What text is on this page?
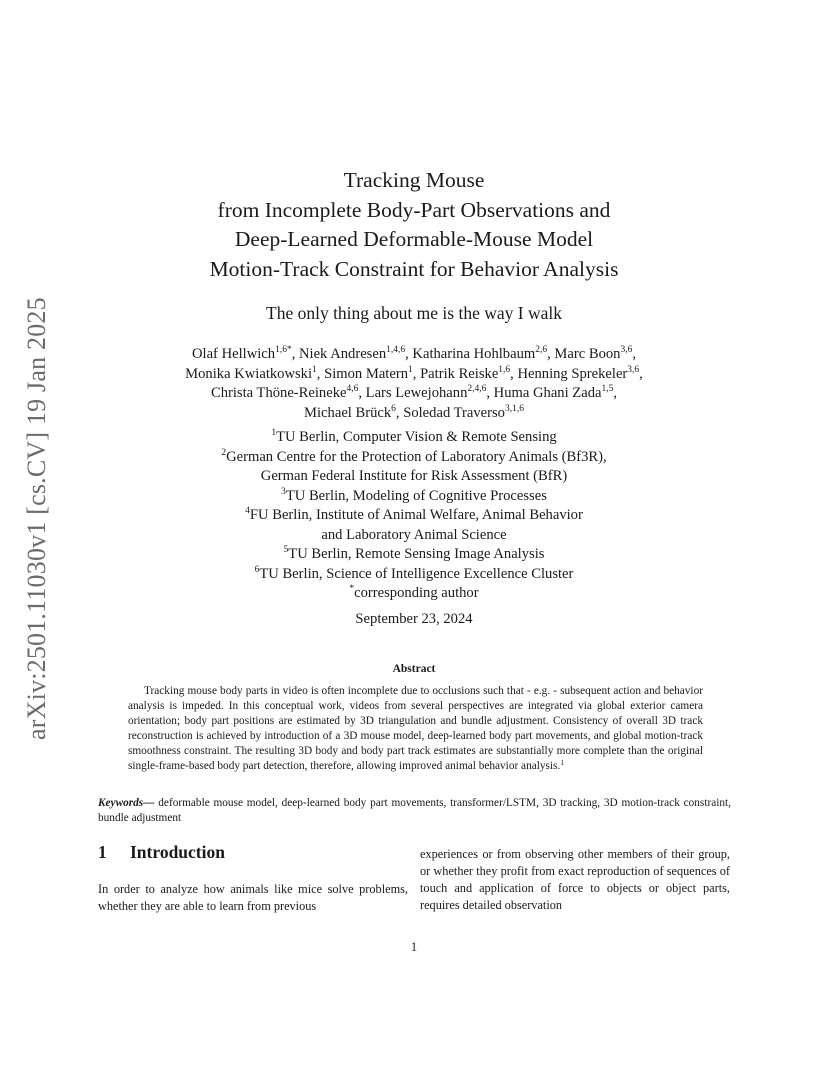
arXiv:2501.11030v1 [cs.CV] 19 Jan 2025
Tracking Mouse
from Incomplete Body-Part Observations and
Deep-Learned Deformable-Mouse Model
Motion-Track Constraint for Behavior Analysis
The only thing about me is the way I walk
Olaf Hellwich$^{1,6*}$, Niek Andresen$^{1,4,6}$, Katharina Hohlbaum$^{2,6}$, Marc Boon$^{3,6}$,
Monika Kwiatkowski$^1$, Simon Matern$^1$, Patrik Reiske$^{1,6}$, Henning Sprekeler$^{3,6}$,
Christa Thöne-Reineke$^{4,6}$, Lars Lewejohann$^{2,4,6}$, Huma Ghani Zada$^{1,5}$,
Michael Brück$^6$, Soledad Traverso$^{3,1,6}$
$^1$TU Berlin, Computer Vision & Remote Sensing
$^2$German Centre for the Protection of Laboratory Animals (Bf3R),
German Federal Institute for Risk Assessment (BfR)
$^3$TU Berlin, Modeling of Cognitive Processes
$^4$FU Berlin, Institute of Animal Welfare, Animal Behavior
and Laboratory Animal Science
$^5$TU Berlin, Remote Sensing Image Analysis
$^6$TU Berlin, Science of Intelligence Excellence Cluster
*corresponding author
September 23, 2024
Abstract
Tracking mouse body parts in video is often incomplete due to occlusions such that - e.g. - subsequent action and behavior analysis is impeded. In this conceptual work, videos from several perspectives are integrated via global exterior camera orientation; body part positions are estimated by 3D triangulation and bundle adjustment. Consistency of overall 3D track reconstruction is achieved by introduction of a 3D mouse model, deep-learned body part movements, and global motion-track smoothness constraint. The resulting 3D body and body part track estimates are substantially more complete than the original single-frame-based body part detection, therefore, allowing improved animal behavior analysis.$^1$
Keywords— deformable mouse model, deep-learned body part movements, transformer/LSTM, 3D tracking, 3D motion-track constraint, bundle adjustment
1 Introduction
In order to analyze how animals like mice solve problems, whether they are able to learn from previous
experiences or from observing other members of their group, or whether they profit from exact reproduction of sequences of touch and application of force to objects or object parts, requires detailed observation
1
